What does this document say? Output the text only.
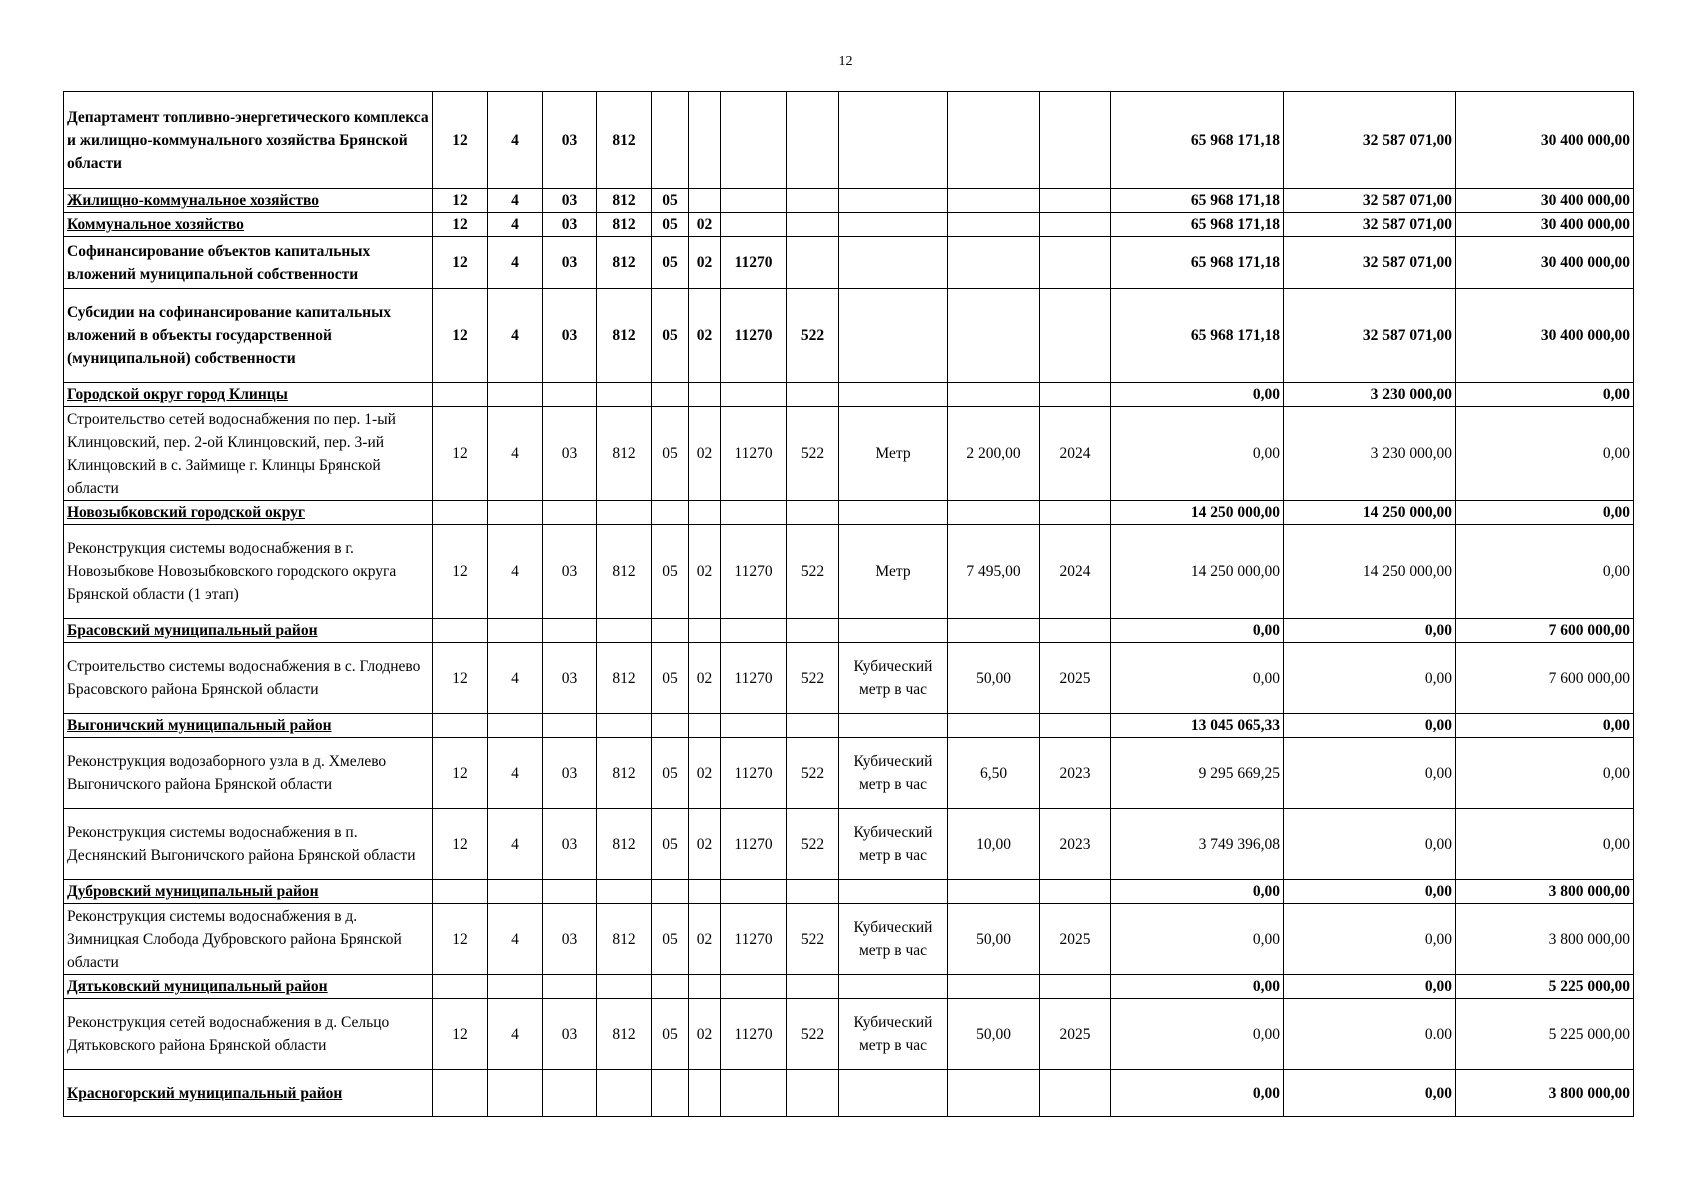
12
Департамент топливно-энергетического комплекса и жилищно-коммунального хозяйства Брянской области	12	4	03	812								65 968 171,18	32 587 071,00	30 400 000,00
Жилищно-коммунальное хозяйство	12	4	03	812	05							65 968 171,18	32 587 071,00	30 400 000,00
Коммунальное хозяйство	12	4	03	812	05	02						65 968 171,18	32 587 071,00	30 400 000,00
Софинансирование объектов капитальных вложений муниципальной собственности	12	4	03	812	05	02	11270					65 968 171,18	32 587 071,00	30 400 000,00
Субсидии на софинансирование капитальных вложений в объекты государственной (муниципальной) собственности	12	4	03	812	05	02	11270	522				65 968 171,18	32 587 071,00	30 400 000,00
Городской округ город Клинцы												0,00	3 230 000,00	0,00
Строительство сетей водоснабжения по пер. 1-ый Клинцовский, пер. 2-ой Клинцовский, пер. 3-ий Клинцовский в с. Займище г. Клинцы Брянской области	12	4	03	812	05	02	11270	522	Метр	2 200,00	2024	0,00	3 230 000,00	0,00
Новозыбковский городской округ												14 250 000,00	14 250 000,00	0,00
Реконструкция системы водоснабжения в г. Новозыбкове Новозыбковского городского округа Брянской области (1 этап)	12	4	03	812	05	02	11270	522	Метр	7 495,00	2024	14 250 000,00	14 250 000,00	0,00
Брасовский муниципальный район												0,00	0,00	7 600 000,00
Строительство системы водоснабжения в с. Глоднево Брасовского района Брянской области	12	4	03	812	05	02	11270	522	Кубический метр в час	50,00	2025	0,00	0,00	7 600 000,00
Выгоничский муниципальный район												13 045 065,33	0,00	0,00
Реконструкция водозаборного узла в д. Хмелево Выгоничского района Брянской области	12	4	03	812	05	02	11270	522	Кубический метр в час	6,50	2023	9 295 669,25	0,00	0,00
Реконструкция системы водоснабжения в п. Деснянский Выгоничского района Брянской области	12	4	03	812	05	02	11270	522	Кубический метр в час	10,00	2023	3 749 396,08	0,00	0,00
Дубровский муниципальный район												0,00	0,00	3 800 000,00
Реконструкция системы водоснабжения в д. Зимницкая Слобода Дубровского района Брянской области	12	4	03	812	05	02	11270	522	Кубический метр в час	50,00	2025	0,00	0,00	3 800 000,00
Дятьковский муниципальный район												0,00	0,00	5 225 000,00
Реконструкция сетей водоснабжения в д. Сельцо Дятьковского района Брянской области	12	4	03	812	05	02	11270	522	Кубический метр в час	50,00	2025	0,00	0.00	5 225 000,00
Красногорский муниципальный район												0,00	0,00	3 800 000,00
